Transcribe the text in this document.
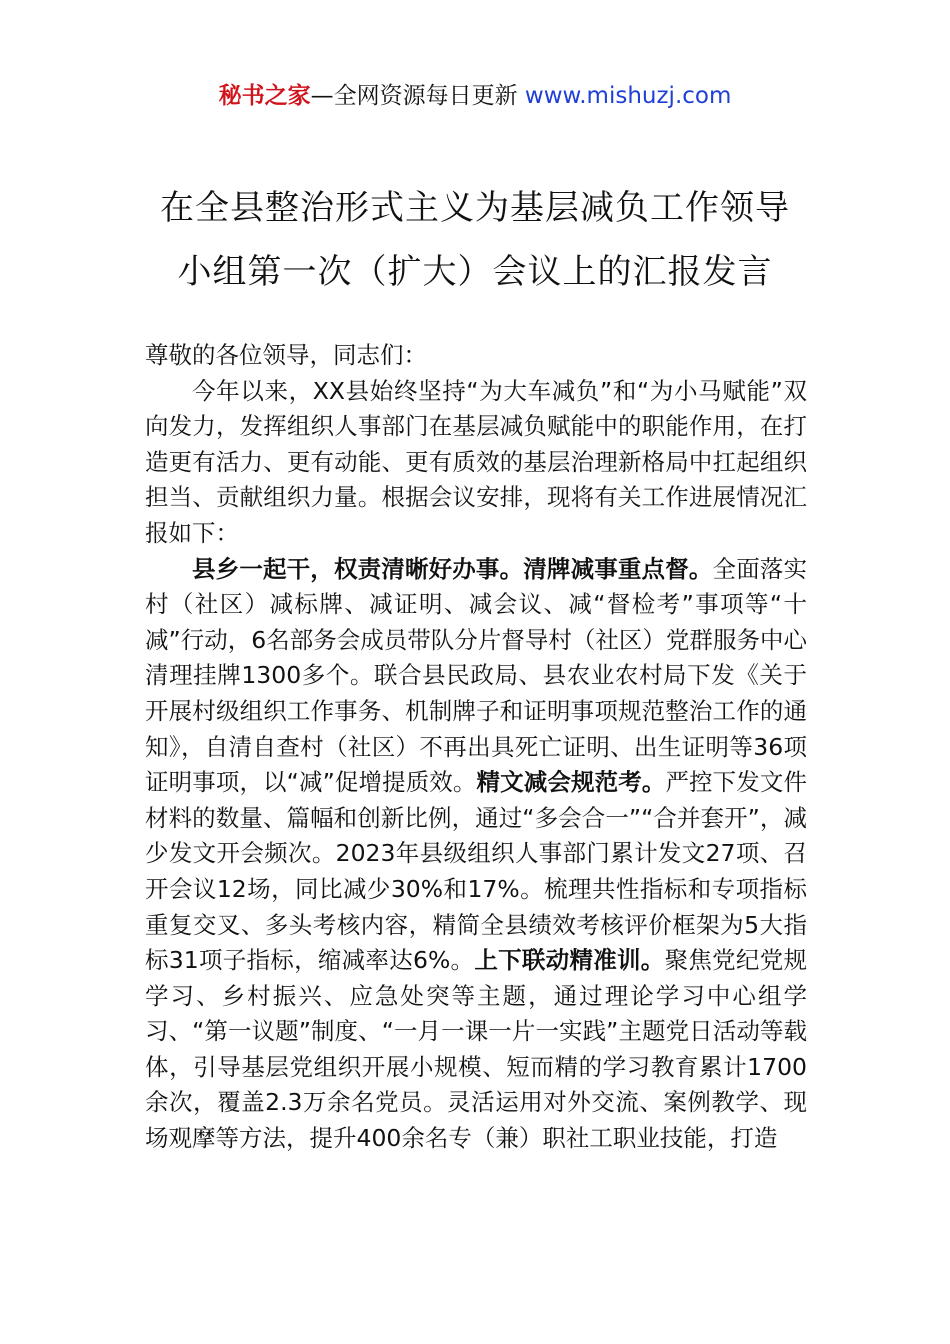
秘书之家—全网资源每日更新 www.mishuzj.com
在全县整治形式主义为基层减负工作领导
小组第一次（扩大）会议上的汇报发言

尊敬的各位领导，同志们：

今年以来，XX县始终坚持“为大车减负”和“为小马赋能”双向发力，发挥组织人事部门在基层减负赋能中的职能作用，在打造更有活力、更有动能、更有质效的基层治理新格局中扛起组织担当、贡献组织力量。根据会议安排，现将有关工作进展情况汇报如下：

县乡一起干，权责清晰好办事。清牌减事重点督。全面落实村（社区）减标牌、减证明、减会议、减“督检考”事项等“十减”行动，6名部务会成员带队分片督导村（社区）党群服务中心清理挂牌1300多个。联合县民政局、县农业农村局下发《关于开展村级组织工作事务、机制牌子和证明事项规范整治工作的通知》，自清自查村（社区）不再出具死亡证明、出生证明等36项证明事项，以“减”促增提质效。精文减会规范考。严控下发文件材料的数量、篇幅和创新比例，通过“多会合一”“合并套开”，减少发文开会频次。2023年县级组织人事部门累计发文27项、召开会议12场，同比减少30%和17%。梳理共性指标和专项指标重复交叉、多头考核内容，精简全县绩效考核评价框架为5大指标31项子指标，缩减率达6%。上下联动精准训。聚焦党纪党规学习、乡村振兴、应急处突等主题，通过理论学习中心组学习、“第一议题”制度、“一月一课一片一实践”主题党日活动等载体，引导基层党组织开展小规模、短而精的学习教育累计1700余次，覆盖2.3万余名党员。灵活运用对外交流、案例教学、现场观摩等方法，提升400余名专（兼）职社工职业技能，打造
